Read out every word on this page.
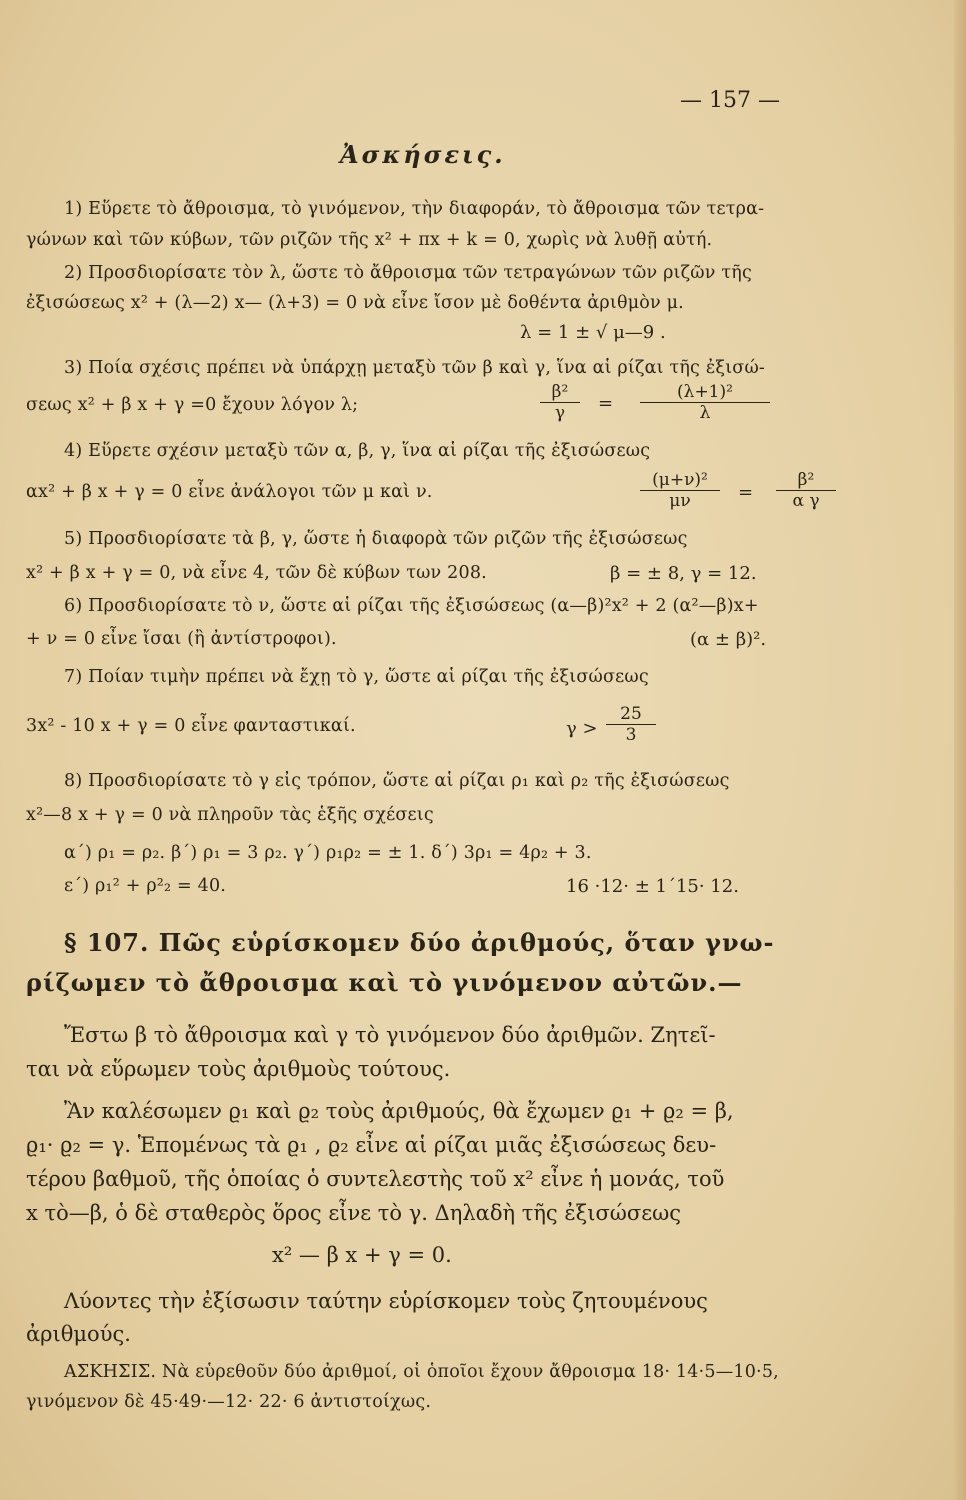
— 157 —
Ἀσκήσεις.
1) Εὕρετε τὸ ἄθροισμα, τὸ γινόμενον, τὴν διαφοράν, τὸ ἄθροισμα τῶν τετρα-
γώνων καὶ τῶν κύβων, τῶν ριζῶν τῆς x² + πx + k = 0, χωρὶς νὰ λυθῇ αὐτή.
2) Προσδιορίσατε τὸν λ, ὥστε τὸ ἄθροισμα τῶν τετραγώνων τῶν ριζῶν τῆς
ἐξισώσεως x² + (λ—2) x— (λ+3) = 0 νὰ εἶνε ἴσον μὲ δοθέντα ἀριθμὸν μ.
λ = 1 ± √ μ—9 .
3) Ποία σχέσις πρέπει νὰ ὑπάρχῃ μεταξὺ τῶν β καὶ γ, ἵνα αἱ ρίζαι τῆς ἐξισώ-
σεως x² + β x + γ =0 ἔχουν λόγον λ;	$\frac{\text{β²}}{\gamma} = \frac{\text{(λ+1)²}}{\lambda}$
4) Εὕρετε σχέσιν μεταξὺ τῶν α, β, γ, ἵνα αἱ ρίζαι τῆς ἐξισώσεως
αx² + β x + γ = 0 εἶνε ἀνάλογοι τῶν μ καὶ ν.	$\frac{\text{(μ+ν)²}}{\mu\nu} = \frac{\text{β²}}{\text{α γ}}$
5) Προσδιορίσατε τὰ β, γ, ὥστε ἡ διαφορὰ τῶν ριζῶν τῆς ἐξισώσεως
x² + β x + γ = 0, νὰ εἶνε 4, τῶν δὲ κύβων των 208.	β = ± 8, γ = 12.
6) Προσδιορίσατε τὸ ν, ὥστε αἱ ρίζαι τῆς ἐξισώσεως (α—β)²x² + 2 (α²—β)x+
+ ν = 0 εἶνε ἴσαι (ἢ ἀντίστροφοι).	(α ± β)².
7) Ποίαν τιμὴν πρέπει νὰ ἔχῃ τὸ γ, ὥστε αἱ ρίζαι τῆς ἐξισώσεως
3x² - 10 x + γ = 0 εἶνε φανταστικαί.	$\gamma > \frac{25}{3}$
8) Προσδιορίσατε τὸ γ εἰς τρόπον, ὥστε αἱ ρίζαι ρ₁ καὶ ρ₂ τῆς ἐξισώσεως
x²—8 x + γ = 0 νὰ πληροῦν τὰς ἑξῆς σχέσεις
α΄) ρ₁ = ρ₂. β΄) ρ₁ = 3 ρ₂. γ΄) ρ₁ρ₂ = ± 1. δ΄) 3ρ₁ = 4ρ₂ + 3.
ε΄) ρ₁² + ρ²₂ = 40.	16 ·12· ± 1΄15· 12.
§ 107. Πῶς εὑρίσκομεν δύο ἀριθμούς, ὅταν γνω-
ρίζωμεν τὸ ἄθροισμα καὶ τὸ γινόμενον αὐτῶν.—
Ἔστω β τὸ ἄθροισμα καὶ γ τὸ γινόμενον δύο ἀριθμῶν. Ζητεῖ-
ται νὰ εὕρωμεν τοὺς ἀριθμοὺς τούτους.
Ἂν καλέσωμεν ϱ₁ καὶ ϱ₂ τοὺς ἀριθμούς, θὰ ἔχωμεν ϱ₁ + ϱ₂ = β,
ϱ₁· ϱ₂ = γ. Ἑπομένως τὰ ϱ₁ , ϱ₂ εἶνε αἱ ρίζαι μιᾶς ἐξισώσεως δευ-
τέρου βαθμοῦ, τῆς ὁποίας ὁ συντελεστὴς τοῦ x² εἶνε ἡ μονάς, τοῦ
x τὸ—β, ὁ δὲ σταθερὸς ὅρος εἶνε τὸ γ. Δηλαδὴ τῆς ἐξισώσεως
x² — β x + γ = 0.
Λύοντες τὴν ἐξίσωσιν ταύτην εὑρίσκομεν τοὺς ζητουμένους
ἀριθμούς.
ΑΣΚΗΣΙΣ. Νὰ εὑρεθοῦν δύο ἀριθμοί, οἱ ὁποῖοι ἔχουν ἄθροισμα 18· 14·5—10·5,
γινόμενον δὲ 45·49·—12· 22· 6 ἀντιστοίχως.
